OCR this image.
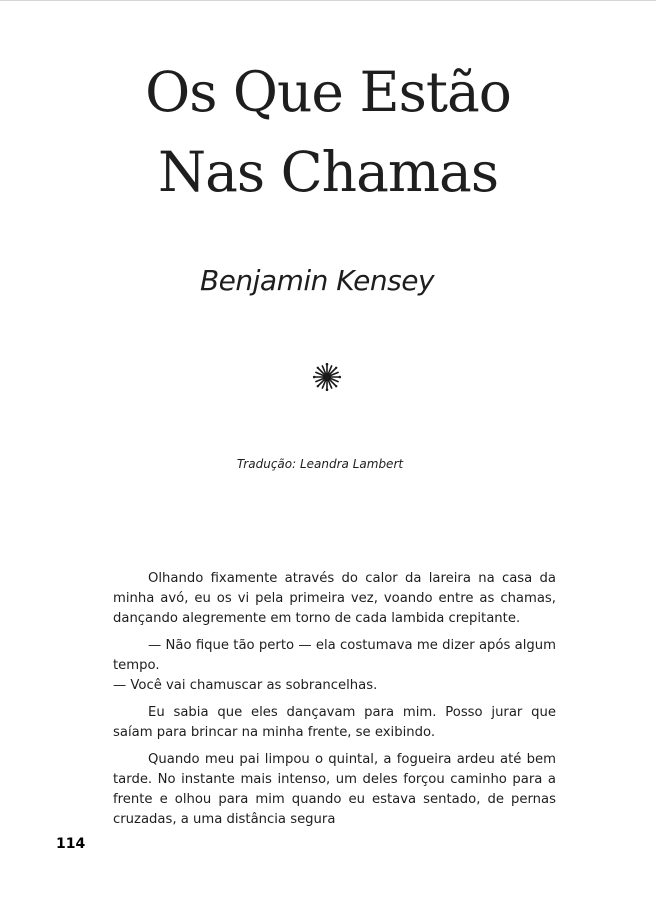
Os Que Estão
Nas Chamas
Benjamin Kensey
Tradução: Leandra Lambert

Olhando fixamente através do calor da lareira na casa da minha avó, eu os vi pela primeira vez, voando entre as chamas, dançando alegremente em torno de cada lambida crepitante.

— Não fique tão perto — ela costumava me dizer após algum tempo.

— Você vai chamuscar as sobrancelhas.

Eu sabia que eles dançavam para mim. Posso jurar que saíam para brincar na minha frente, se exibindo.

Quando meu pai limpou o quintal, a fogueira ardeu até bem tarde. No instante mais intenso, um deles forçou caminho para a frente e olhou para mim quando eu estava sentado, de pernas cruzadas, a uma distância segura

114
